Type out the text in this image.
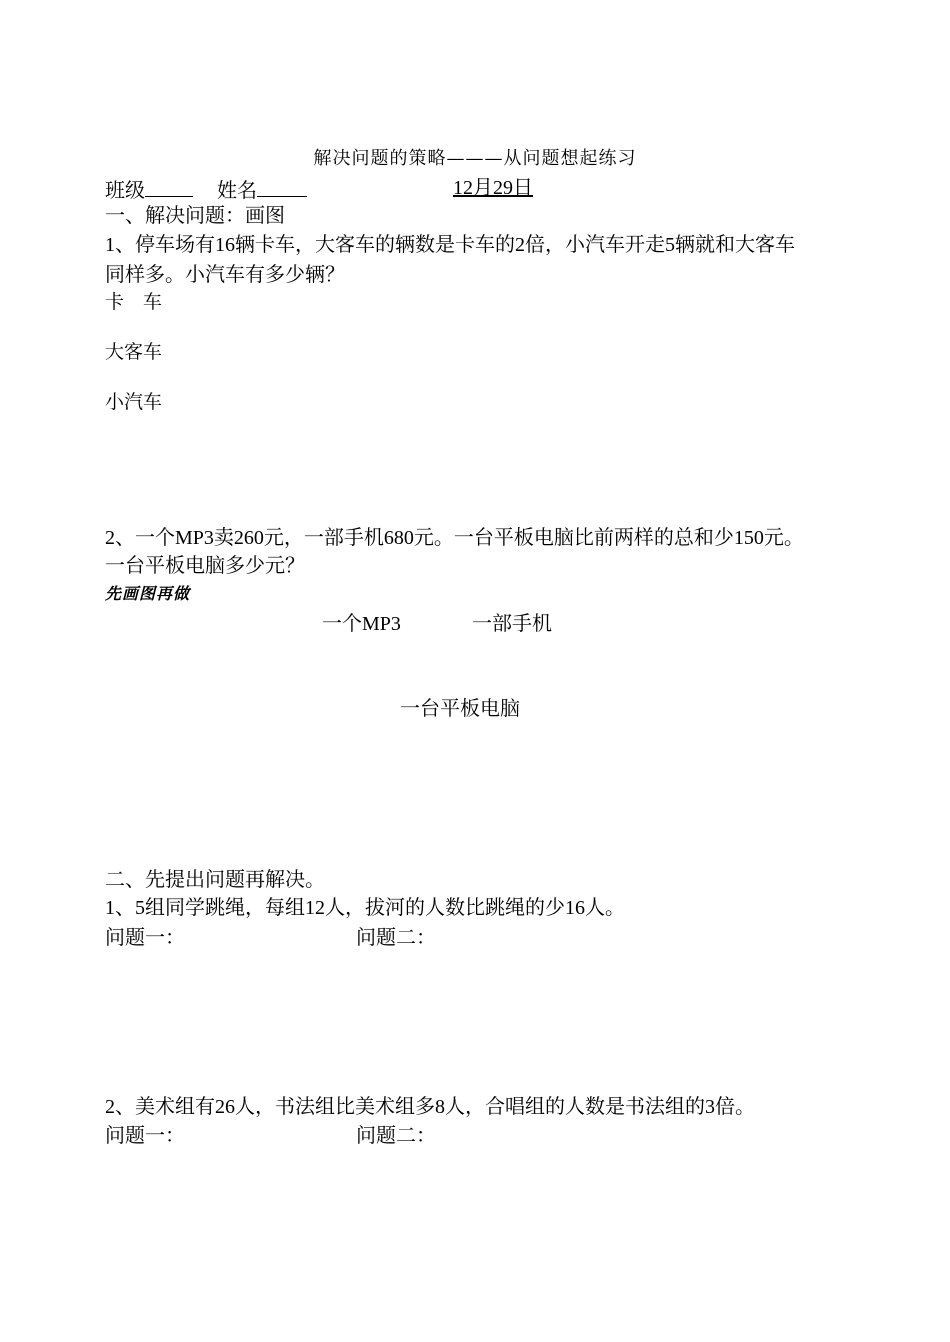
解决问题的策略———从问题想起练习
班级	姓名	12月29日
一、解决问题：画图
1、停车场有16辆卡车，大客车的辆数是卡车的2倍，小汽车开走5辆就和大客车
同样多。小汽车有多少辆？
卡　车
大客车
小汽车
2、一个MP3卖260元，一部手机680元。一台平板电脑比前两样的总和少150元。
一台平板电脑多少元？
先画图再做
一个MP3	一部手机
一台平板电脑
二、先提出问题再解决。
1、5组同学跳绳，每组12人，拔河的人数比跳绳的少16人。
问题一：	问题二：
2、美术组有26人，书法组比美术组多8人，合唱组的人数是书法组的3倍。
问题一：	问题二：
